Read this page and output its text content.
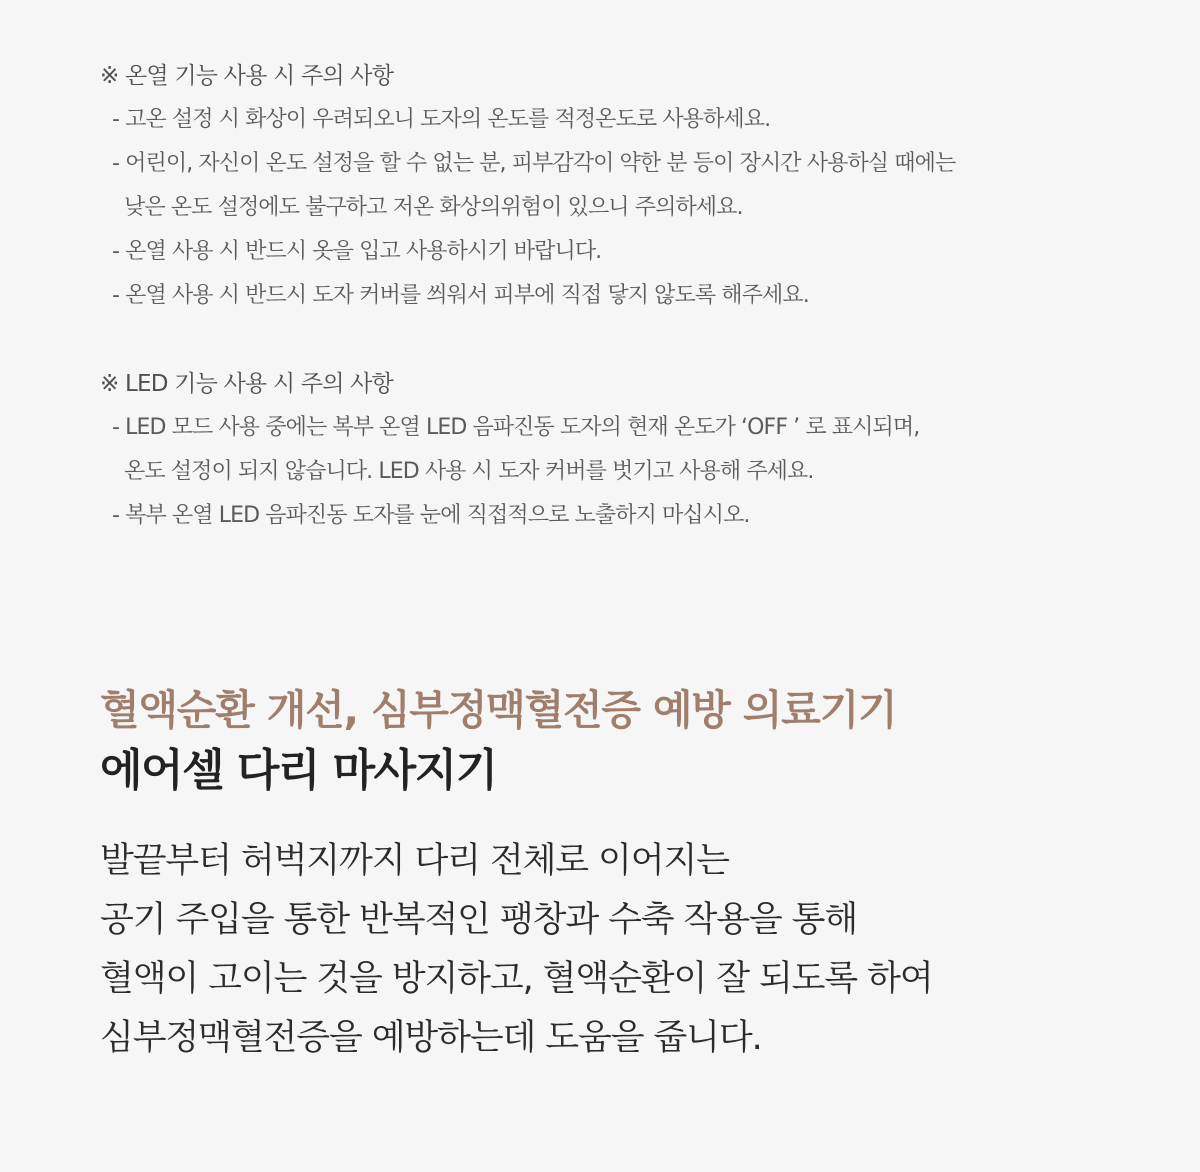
※ 온열 기능 사용 시 주의 사항

- 고온 설정 시 화상이 우려되오니 도자의 온도를 적정온도로 사용하세요.

- 어린이, 자신이 온도 설정을 할 수 없는 분, 피부감각이 약한 분 등이 장시간 사용하실 때에는

낮은 온도 설정에도 불구하고 저온 화상의위험이 있으니 주의하세요.

- 온열 사용 시 반드시 옷을 입고 사용하시기 바랍니다.

- 온열 사용 시 반드시 도자 커버를 씌워서 피부에 직접 닿지 않도록 해주세요.

※ LED 기능 사용 시 주의 사항

- LED 모드 사용 중에는 복부 온열 LED 음파진동 도자의 현재 온도가 ‘OFF ’ 로 표시되며,

온도 설정이 되지 않습니다. LED 사용 시 도자 커버를 벗기고 사용해 주세요.

- 복부 온열 LED 음파진동 도자를 눈에 직접적으로 노출하지 마십시오.

혈액순환 개선, 심부정맥혈전증 예방 의료기기
에어셀 다리 마사지기

발끝부터 허벅지까지 다리 전체로 이어지는

공기 주입을 통한 반복적인 팽창과 수축 작용을 통해

혈액이 고이는 것을 방지하고, 혈액순환이 잘 되도록 하여

심부정맥혈전증을 예방하는데 도움을 줍니다.
